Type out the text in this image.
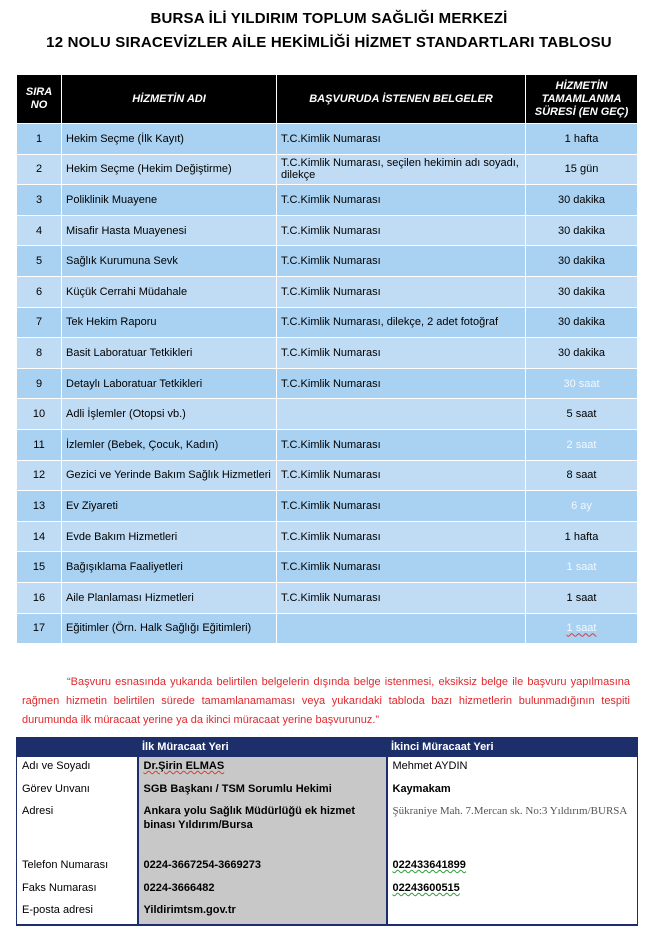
BURSA İLİ YILDIRIM TOPLUM SAĞLIĞI MERKEZİ
12 NOLU SIRACEVİZLER AİLE HEKİMLİĞİ HİZMET STANDARTLARI TABLOSU
SIRA NO	HİZMETİN ADI	BAŞVURUDA İSTENEN BELGELER	HİZMETİN TAMAMLANMA SÜRESİ (EN GEÇ)
1	Hekim Seçme (İlk Kayıt)	T.C.Kimlik Numarası	1 hafta
2	Hekim Seçme (Hekim Değiştirme)	T.C.Kimlik Numarası, seçilen hekimin adı soyadı, dilekçe	15 gün
3	Poliklinik Muayene	T.C.Kimlik Numarası	30 dakika
4	Misafir Hasta Muayenesi	T.C.Kimlik Numarası	30 dakika
5	Sağlık Kurumuna Sevk	T.C.Kimlik Numarası	30 dakika
6	Küçük Cerrahi Müdahale	T.C.Kimlik Numarası	30 dakika
7	Tek Hekim Raporu	T.C.Kimlik Numarası, dilekçe, 2 adet fotoğraf	30 dakika
8	Basit Laboratuar Tetkikleri	T.C.Kimlik Numarası	30 dakika
9	Detaylı Laboratuar Tetkikleri	T.C.Kimlik Numarası	30 saat
10	Adli İşlemler (Otopsi vb.)		5 saat
11	İzlemler (Bebek, Çocuk, Kadın)	T.C.Kimlik Numarası	2 saat
12	Gezici ve Yerinde Bakım Sağlık Hizmetleri	T.C.Kimlik Numarası	8 saat
13	Ev Ziyareti	T.C.Kimlik Numarası	6 ay
14	Evde Bakım Hizmetleri	T.C.Kimlik Numarası	1 hafta
15	Bağışıklama Faaliyetleri	T.C.Kimlik Numarası	1 saat
16	Aile Planlaması Hizmetleri	T.C.Kimlik Numarası	1 saat
17	Eğitimler (Örn. Halk Sağlığı Eğitimleri)		1 saat
“Başvuru esnasında yukarıda belirtilen belgelerin dışında belge istenmesi, eksiksiz belge ile başvuru yapılmasına rağmen hizmetin belirtilen sürede tamamlanamaması veya yukarıdaki tabloda bazı hizmetlerin bulunmadığının tespiti durumunda ilk müracaat yerine ya da ikinci müracaat yerine başvurunuz.”
	İlk Müracaat Yeri	İkinci Müracaat Yeri
Adı ve Soyadı	Dr.Şirin ELMAS	Mehmet AYDIN
Görev Unvanı	SGB Başkanı / TSM Sorumlu Hekimi	Kaymakam
Adresi	Ankara yolu Sağlık Müdürlüğü ek hizmet binası Yıldırım/Bursa	Şükraniye Mah. 7.Mercan sk. No:3 Yıldırım/BURSA
Telefon Numarası	0224-3667254-3669273	02243364189‪9
Faks Numarası	0224-3666482	02243600515
E-posta adresi	Yildirimtsm.gov.tr	
